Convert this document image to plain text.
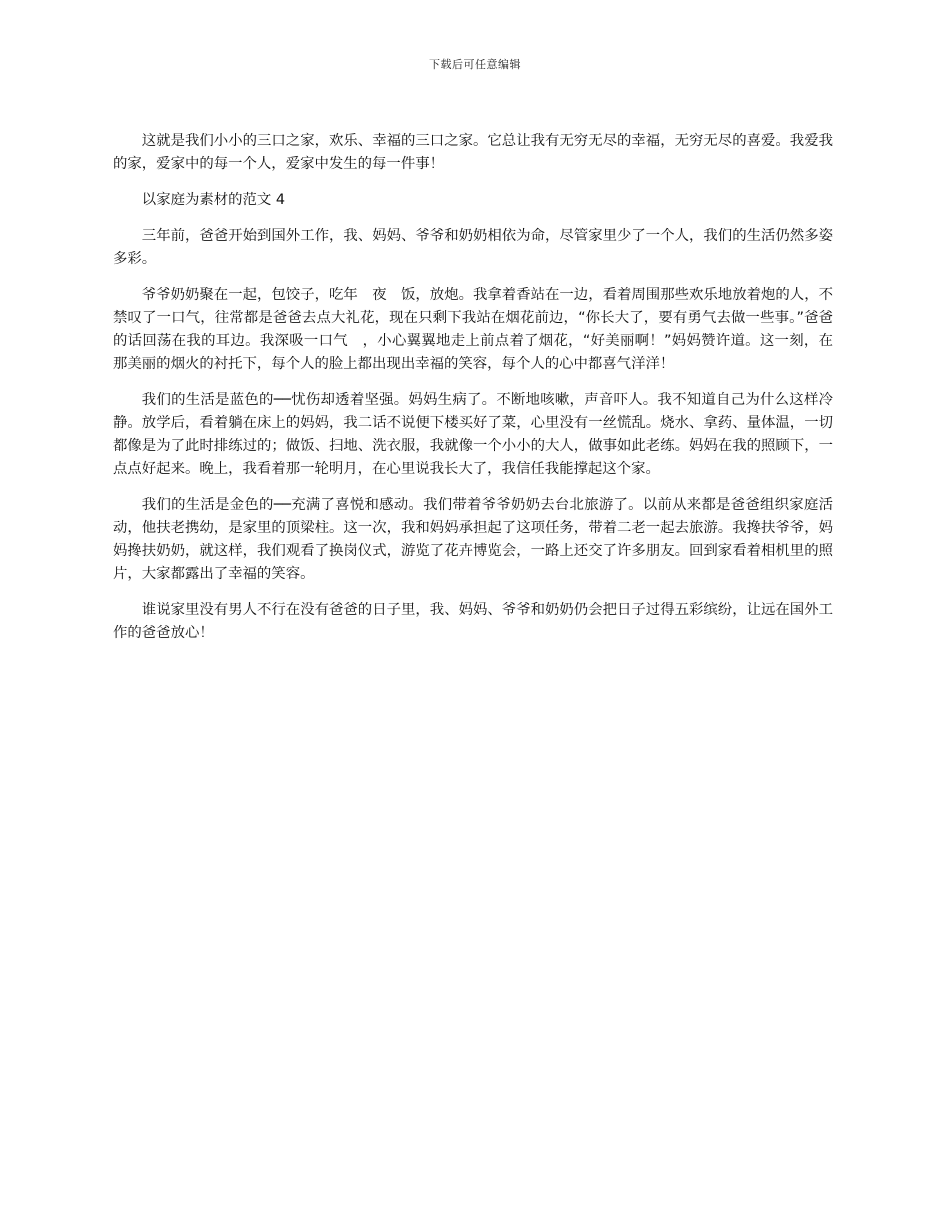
下载后可任意编辑

这就是我们小小的三口之家，欢乐、幸福的三口之家。它总让我有无穷无尽的幸福，无穷无尽的喜爱。我爱我的家，爱家中的每一个人，爱家中发生的每一件事！

以家庭为素材的范文 4

三年前，爸爸开始到国外工作，我、妈妈、爷爷和奶奶相依为命，尽管家里少了一个人，我们的生活仍然多姿多彩。

爷爷奶奶聚在一起，包饺子，吃年　夜　饭，放炮。我拿着香站在一边，看着周围那些欢乐地放着炮的人，不禁叹了一口气，往常都是爸爸去点大礼花，现在只剩下我站在烟花前边，“你长大了，要有勇气去做一些事。”爸爸的话回荡在我的耳边。我深吸一口气　，小心翼翼地走上前点着了烟花，“好美丽啊！”妈妈赞许道。这一刻，在那美丽的烟火的衬托下，每个人的脸上都出现出幸福的笑容，每个人的心中都喜气洋洋！

我们的生活是蓝色的──忧伤却透着坚强。妈妈生病了。不断地咳嗽，声音吓人。我不知道自己为什么这样冷静。放学后，看着躺在床上的妈妈，我二话不说便下楼买好了菜，心里没有一丝慌乱。烧水、拿药、量体温，一切都像是为了此时排练过的；做饭、扫地、洗衣服，我就像一个小小的大人，做事如此老练。妈妈在我的照顾下，一点点好起来。晚上，我看着那一轮明月，在心里说我长大了，我信任我能撑起这个家。

我们的生活是金色的──充满了喜悦和感动。我们带着爷爷奶奶去台北旅游了。以前从来都是爸爸组织家庭活动，他扶老携幼，是家里的顶梁柱。这一次，我和妈妈承担起了这项任务，带着二老一起去旅游。我搀扶爷爷，妈妈搀扶奶奶，就这样，我们观看了换岗仪式，游览了花卉博览会，一路上还交了许多朋友。回到家看着相机里的照片，大家都露出了幸福的笑容。

谁说家里没有男人不行在没有爸爸的日子里，我、妈妈、爷爷和奶奶仍会把日子过得五彩缤纷，让远在国外工作的爸爸放心！
